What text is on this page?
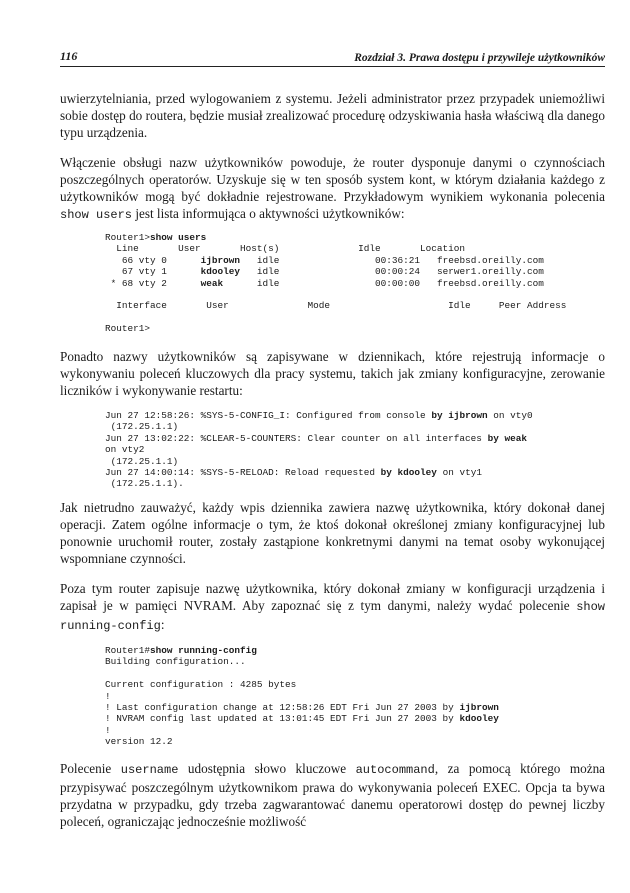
116	Rozdział 3. Prawa dostępu i przywileje użytkowników

uwierzytelniania, przed wylogowaniem z systemu. Jeżeli administrator przez przypadek uniemożliwi sobie dostęp do routera, będzie musiał zrealizować procedurę odzyskiwania hasła właściwą dla danego typu urządzenia.

Włączenie obsługi nazw użytkowników powoduje, że router dysponuje danymi o czynnościach poszczególnych operatorów. Uzyskuje się w ten sposób system kont, w którym działania każdego z użytkowników mogą być dokładnie rejestrowane. Przykładowym wynikiem wykonania polecenia show users jest lista informująca o aktywności użytkowników:

Router1>show users
Line       User       Host(s)              Idle       Location
66 vty 0      ijbrown   idle                 00:36:21   freebsd.oreilly.com
67 vty 1      kdooley   idle                 00:00:24   serwer1.oreilly.com
* 68 vty 2      weak      idle                 00:00:00   freebsd.oreilly.com

Interface       User              Mode                     Idle     Peer Address

Router1>

Ponadto nazwy użytkowników są zapisywane w dziennikach, które rejestrują informacje o wykonywaniu poleceń kluczowych dla pracy systemu, takich jak zmiany konfiguracyjne, zerowanie liczników i wykonywanie restartu:

Jun 27 12:58:26: %SYS-5-CONFIG_I: Configured from console by ijbrown on vty0
(172.25.1.1)
Jun 27 13:02:22: %CLEAR-5-COUNTERS: Clear counter on all interfaces by weak
on vty2
(172.25.1.1)
Jun 27 14:00:14: %SYS-5-RELOAD: Reload requested by kdooley on vty1
(172.25.1.1).

Jak nietrudno zauważyć, każdy wpis dziennika zawiera nazwę użytkownika, który dokonał danej operacji. Zatem ogólne informacje o tym, że ktoś dokonał określonej zmiany konfiguracyjnej lub ponownie uruchomił router, zostały zastąpione konkretnymi danymi na temat osoby wykonującej wspomniane czynności.

Poza tym router zapisuje nazwę użytkownika, który dokonał zmiany w konfiguracji urządzenia i zapisał je w pamięci NVRAM. Aby zapoznać się z tym danymi, należy wydać polecenie show running-config:

Router1#show running-config
Building configuration...

Current configuration : 4285 bytes
!
! Last configuration change at 12:58:26 EDT Fri Jun 27 2003 by ijbrown
! NVRAM config last updated at 13:01:45 EDT Fri Jun 27 2003 by kdooley
!
version 12.2

Polecenie username udostępnia słowo kluczowe autocommand, za pomocą którego można przypisywać poszczególnym użytkownikom prawa do wykonywania poleceń EXEC. Opcja ta bywa przydatna w przypadku, gdy trzeba zagwarantować danemu operatorowi dostęp do pewnej liczby poleceń, ograniczając jednocześnie możliwość
